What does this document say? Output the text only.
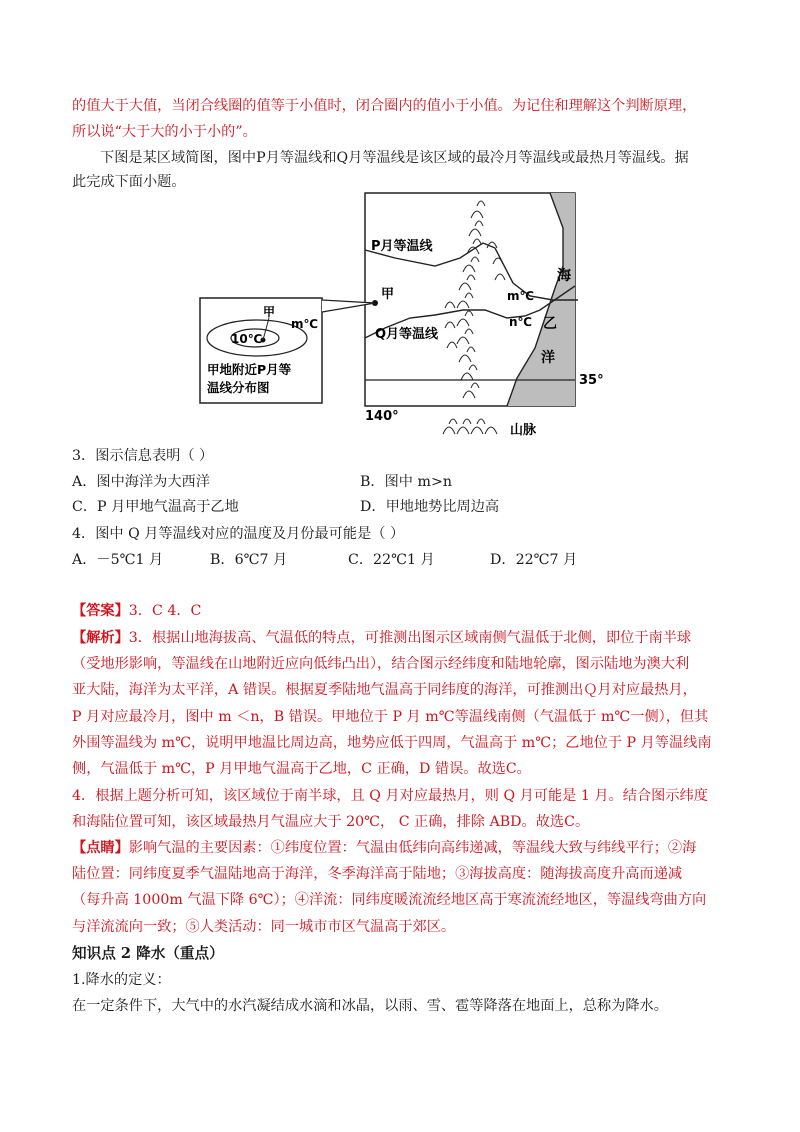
的值大于大值，当闭合线圈的值等于小值时，闭合圈内的值小于小值。为记住和理解这个判断原理，
所以说“大于大的小于小的”。
下图是某区域简图，图中P月等温线和Q月等温线是该区域的最冷月等温线或最热月等温线。据
此完成下面小题。
P月等温线
Q月等温线
甲	m℃
n℃
海
乙
洋
35°
140°
山脉
甲
10℃
m℃
甲地附近P月等
温线分布图
3．图示信息表明（ ）
A．图中海洋为大西洋	B．图中 m>n
C．P 月甲地气温高于乙地	D．甲地地势比周边高
4．图中 Q 月等温线对应的温度及月份最可能是（ ）
A．－5℃1 月	B．6℃7 月	C．22℃1 月	D．22℃7 月
【答案】3．C 4．C
【解析】3．根据山地海拔高、气温低的特点，可推测出图示区域南侧气温低于北侧，即位于南半球
（受地形影响，等温线在山地附近应向低纬凸出），结合图示经纬度和陆地轮廓，图示陆地为澳大利
亚大陆，海洋为太平洋，A 错误。根据夏季陆地气温高于同纬度的海洋，可推测出Ｑ月对应最热月，
P 月对应最冷月，图中 m ＜n，B 错误。甲地位于 P 月 m℃等温线南侧（气温低于 m℃一侧），但其
外围等温线为 m℃，说明甲地温比周边高，地势应低于四周，气温高于 m℃；乙地位于 P 月等温线南
侧，气温低于 m℃，P 月甲地气温高于乙地，C 正确，D 错误。故选C。
4．根据上题分析可知，该区域位于南半球，且 Q 月对应最热月，则 Q 月可能是 1 月。结合图示纬度
和海陆位置可知，该区域最热月气温应大于 20℃， C 正确，排除 ABD。故选C。
【点睛】影响气温的主要因素：①纬度位置：气温由低纬向高纬递减，等温线大致与纬线平行；②海
陆位置：同纬度夏季气温陆地高于海洋，冬季海洋高于陆地；③海拔高度：随海拔高度升高而递减
（每升高 1000m 气温下降 6℃）；④洋流：同纬度暖流流经地区高于寒流流经地区，等温线弯曲方向
与洋流流向一致；⑤人类活动：同一城市市区气温高于郊区。
知识点 2 降水（重点）
1.降水的定义：
在一定条件下，大气中的水汽凝结成水滴和冰晶，以雨、雪、雹等降落在地面上，总称为降水。
